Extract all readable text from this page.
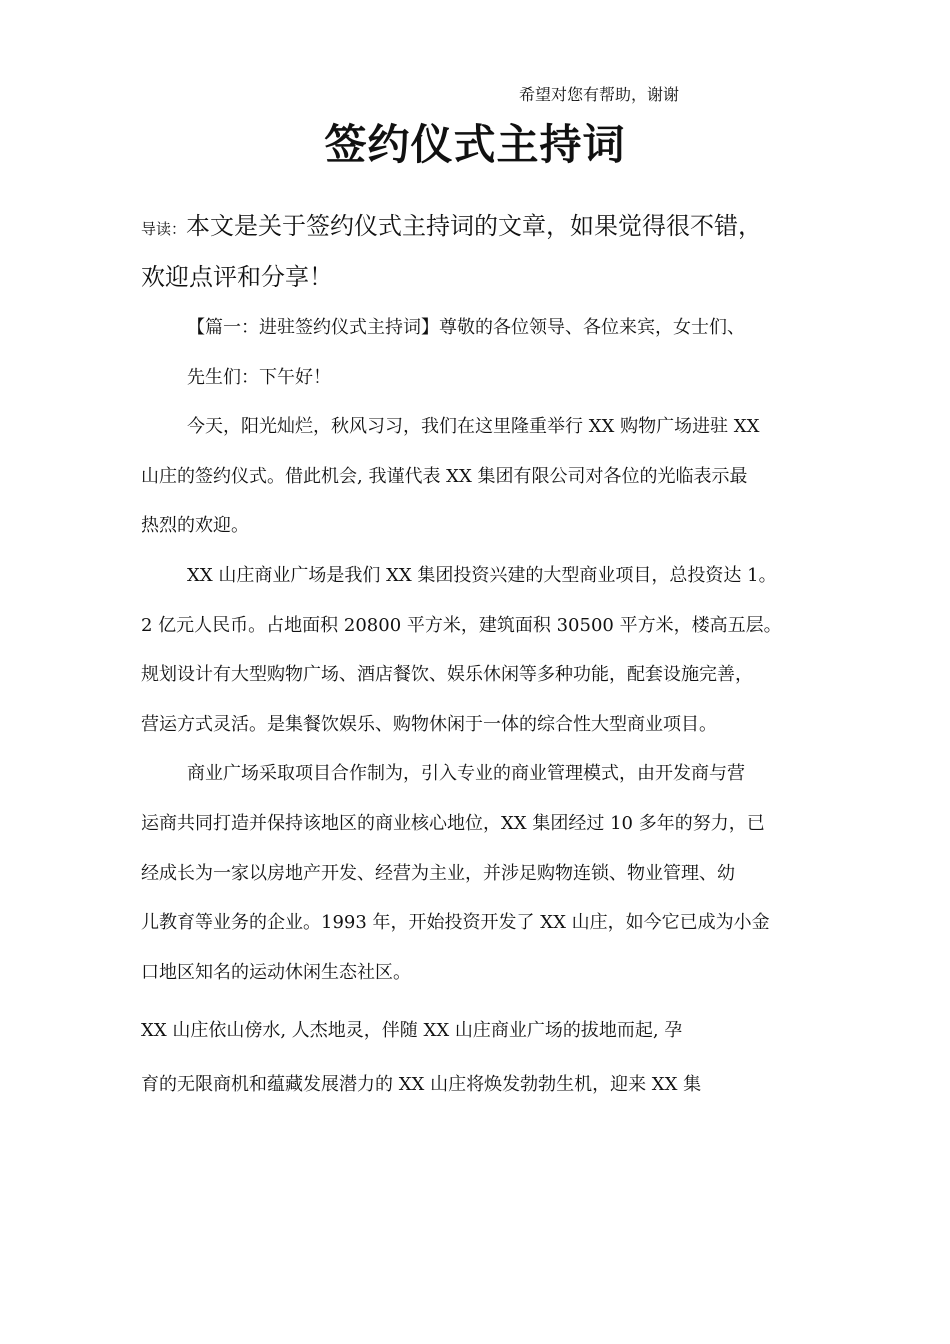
希望对您有帮助，谢谢
签约仪式主持词
导读：本文是关于签约仪式主持词的文章，如果觉得很不错，
欢迎点评和分享！

【篇一：进驻签约仪式主持词】尊敬的各位领导、各位来宾，女士们、
先生们：下午好！

今天，阳光灿烂，秋风习习，我们在这里隆重举行 XX 购物广场进驻 XX
山庄的签约仪式。借此机会, 我谨代表 XX 集团有限公司对各位的光临表示最
热烈的欢迎。

XX 山庄商业广场是我们 XX 集团投资兴建的大型商业项目，总投资达 1。
2 亿元人民币。占地面积 20800 平方米，建筑面积 30500 平方米，楼高五层。
规划设计有大型购物广场、酒店餐饮、娱乐休闲等多种功能，配套设施完善，
营运方式灵活。是集餐饮娱乐、购物休闲于一体的综合性大型商业项目。

商业广场采取项目合作制为，引入专业的商业管理模式，由开发商与营
运商共同打造并保持该地区的商业核心地位，XX 集团经过 10 多年的努力，已
经成长为一家以房地产开发、经营为主业，并涉足购物连锁、物业管理、幼
儿教育等业务的企业。1993 年，开始投资开发了 XX 山庄，如今它已成为小金
口地区知名的运动休闲生态社区。

XX 山庄依山傍水, 人杰地灵，伴随 XX 山庄商业广场的拔地而起, 孕
育的无限商机和蕴藏发展潜力的 XX 山庄将焕发勃勃生机，迎来 XX 集
